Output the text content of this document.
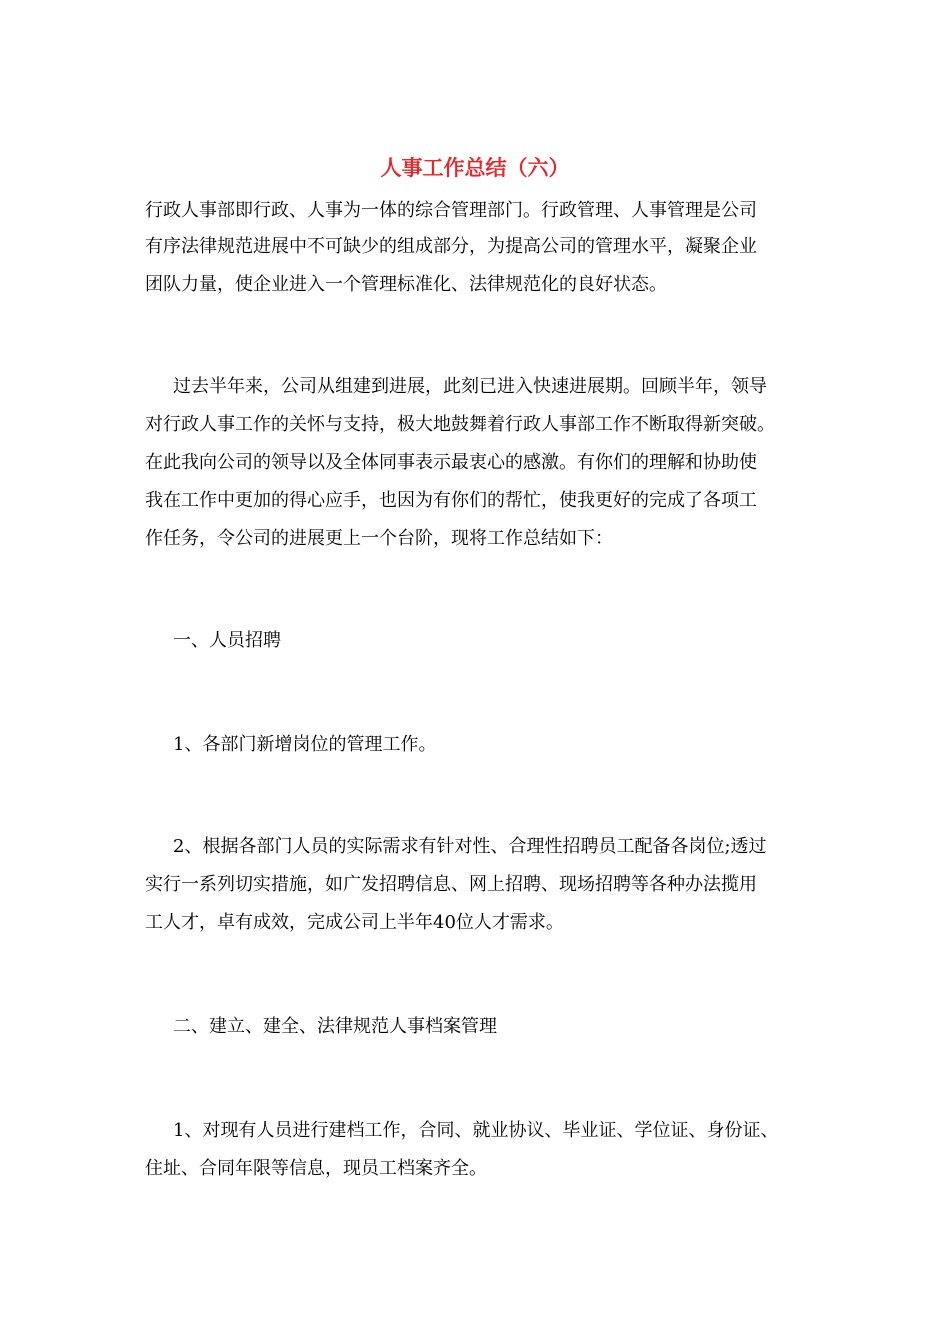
人事工作总结（六）
行政人事部即行政、人事为一体的综合管理部门。行政管理、人事管理是公司
有序法律规范进展中不可缺少的组成部分，为提高公司的管理水平，凝聚企业
团队力量，使企业进入一个管理标准化、法律规范化的良好状态。
过去半年来，公司从组建到进展，此刻已进入快速进展期。回顾半年，领导
对行政人事工作的关怀与支持，极大地鼓舞着行政人事部工作不断取得新突破。
在此我向公司的领导以及全体同事表示最衷心的感激。有你们的理解和协助使
我在工作中更加的得心应手，也因为有你们的帮忙，使我更好的完成了各项工
作任务，令公司的进展更上一个台阶，现将工作总结如下：
一、人员招聘
1、各部门新增岗位的管理工作。
2、根据各部门人员的实际需求有针对性、合理性招聘员工配备各岗位;透过
实行一系列切实措施，如广发招聘信息、网上招聘、现场招聘等各种办法揽用
工人才，卓有成效，完成公司上半年40位人才需求。
二、建立、建全、法律规范人事档案管理
1、对现有人员进行建档工作，合同、就业协议、毕业证、学位证、身份证、
住址、合同年限等信息，现员工档案齐全。
